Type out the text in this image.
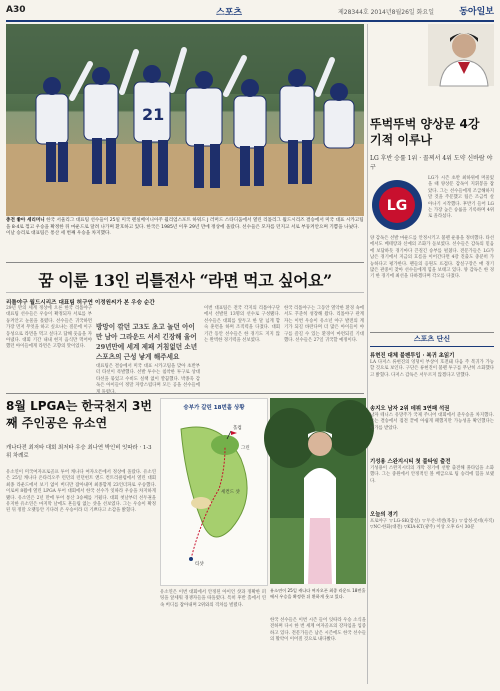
A30	스포츠	제28344호 2014년8월26일 화요일	동아일보
21
충전 좋아 세리머니 한국 서울리그 대표팀 선수들이 25일 미국 펜실베이니아주 윌리엄스포트 하워드 J 러머드 스타디움에서 열린 리틀리그 월드시리즈 결승에서 미국 대표 시카고팀을 8-4로 꺾고 우승을 확정한 뒤 마운드로 달려 나가며 환호하고 있다. 한국은 1985년 이후 29년 만에 정상에 올랐다. 선수들은 모자를 던지고 서로 부둥켜안으며 기쁨을 나눴다. 이날 승리로 대표팀은 통산 세 번째 우승을 차지했다.
뚜벅뚜벅 양상문 4강 기적 이루나
LG 후반 승률 1위 · 꼴찌서 4위 도약 신바람 야구
LG
LG가 시즌 초반 최하위에 머물렀을 때 양상문 감독이 지휘봉을 잡았다. 그는 선수들에게 조급해하지 말 것을 주문했고 팀은 조금씩 살아나기 시작했다. 후반기 들어 LG는 가장 높은 승률을 기록하며 4위로 올라섰다.
양 감독은 선발 마운드를 안정시키고 불펜 운용을 정비했다. 타선에서도 베테랑과 신예의 조화가 돋보였다. 선수들은 감독의 믿음에 보답하듯 경기마다 끈질긴 승부를 펼쳤다. 전문가들은 LG가 남은 경기에서 지금의 흐름을 이어간다면 4강 진출도 충분히 가능하다고 평가한다. 팬들의 응원도 뜨겁다. 잠실구장은 매 경기 많은 관중이 찾아 선수들에게 힘을 보태고 있다. 양 감독은 한 경기 한 경기에 최선을 다하겠다며 각오를 다졌다.
꿈 이룬 13인 리틀전사 “라면 먹고 싶어요”
리틀야구 월드시리즈 대표팀 허구연 이정원씨가 본 우승 순간
29년 만의 세계 정상에 오른 한국 리틀야구 대표팀 선수들은 우승이 확정되자 서로를 부둥켜안고 눈물을 흘렸다. 선수들은 귀국하면 가장 먼저 무엇을 하고 싶으냐는 질문에 이구동성으로 라면을 먹고 싶다고 답해 웃음을 자아냈다. 대회 기간 내내 현지 음식만 먹어야 했던 아이들에게 라면은 고향의 맛이었다.
방망이 깎던 고3도 초고 놀던 아이만 남아 그라운드 서서 긴장해 울어 29년만에 세계 제패 거침없던 소년 스포츠의 근성 낳게 해주세요
대표팀은 결승에서 미국 대표 시카고팀을 맞아 초반부터 타선이 폭발했다. 선발 투수는 침착한 투구로 상대 타선을 묶었고 수비도 실책 없이 깔끔했다. 박종욱 감독은 아이들이 정말 자랑스럽다며 모든 공을 선수들에게 돌렸다.
이번 대표팀은 전국 각지의 리틀야구단에서 선발된 13명의 선수로 구성됐다. 선수들은 대회를 앞두고 한 달 넘게 합숙 훈련을 하며 조직력을 다졌다. 대회 기간 동안 선수들은 한 경기도 지지 않는 완벽한 경기력을 선보였다.
한국 리틀야구는 그동안 열악한 환경 속에서도 꾸준히 성장해 왔다. 리틀야구 관계자는 이번 우승이 유소년 야구 발전의 계기가 되길 바란다며 더 많은 아이들이 야구를 즐길 수 있는 환경이 마련되길 기대했다. 선수들은 27일 귀국할 예정이다.
8월 LPGA는 한국천지 3번째 주인공은 유소연
캐나다전 최저타 대회 최저타 우승 최나연 박인비 잇따라 · 1-3위 차례로
유소연이 미국여자프로골프 투어 캐나다 여자오픈에서 정상에 올랐다. 유소연은 25일 캐나다 온타리오주 런던의 런던헌트 앤드 컨트리클럽에서 열린 대회 최종 라운드에서 보기 없이 버디만 잡아내며 최종합계 23언더파로 우승했다. 이로써 8월에 열린 LPGA 투어 대회에서 한국 선수가 잇따라 우승을 차지하게 됐다. 유소연은 2년 만에 투어 통산 3승째를 거뒀다. 대회 첫날부터 선두권을 유지한 유소연은 마지막 날에도 흔들림 없는 샷을 선보였다. 그는 우승이 확정된 뒤 정말 오랫동안 기다려 온 우승이라 더 기쁘다고 소감을 밝혔다.
승부가 갈린 18번홀 상황
티샷
세컨드 샷
그린
홀컵
유소연이 25일 캐나다 여자오픈 최종 라운드 18번홀에서 우승을 확정한 뒤 환하게 웃고 있다.
유소연은 이번 대회에서 안정된 아이언 샷과 정확한 퍼팅을 앞세워 경쟁자들을 따돌렸다. 특히 후반 홀에서 연속 버디를 잡아내며 2위와의 격차를 벌렸다.
한국 선수들은 이번 시즌 들어 잇따라 우승 소식을 전하며 다시 한 번 세계 여자골프의 강자임을 입증하고 있다. 전문가들은 남은 시즌에도 한국 선수들의 활약이 이어질 것으로 내다봤다.
스포츠 단신
류현진 대체 불펜투입 · 복귀 초읽기
LA 다저스 류현진의 엉덩이 부상이 호전돼 다음 주 복귀가 가능할 것으로 보인다. 구단은 류현진이 불펜 투구를 무난히 소화했다고 밝혔다. 다저스 감독은 서두르지 않겠다고 말했다.
송지오 남자 2위 데뷔 3연패 석권
남자 테니스 유망주가 국제 주니어 대회에서 준우승을 차지했다. 그는 결승에서 접전 끝에 아쉽게 패했지만 가능성을 확인했다는 평가를 받았다.
기성용 스완지시티 첫 풀타임 출전
기성용이 스완지시티의 개막 경기에 선발 출전해 풀타임을 소화했다. 그는 중원에서 안정적인 볼 배급으로 팀 승리에 힘을 보탰다.
오늘의 경기
프로야구 ▽LG-SK(잠실) ▽두산-넥센(목동) ▽삼성-롯데(사직) ▽NC-한화(대전) ▽KIA-KT(광주) 이상 오후 6시 30분
